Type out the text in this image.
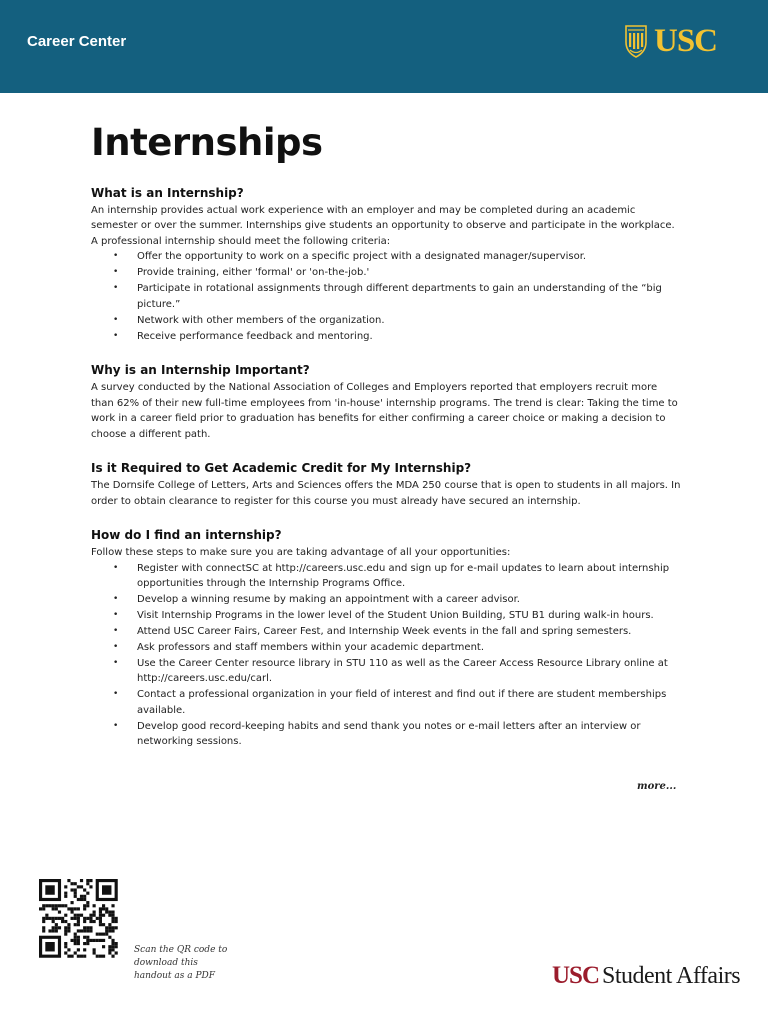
Career Center	USC
Internships
What is an Internship?

An internship provides actual work experience with an employer and may be completed during an academic semester or over the summer. Internships give students an opportunity to observe and participate in the workplace. A professional internship should meet the following criteria:

• Offer the opportunity to work on a specific project with a designated manager/supervisor.
• Provide training, either 'formal' or 'on-the-job.'
• Participate in rotational assignments through different departments to gain an understanding of the “big picture.”
• Network with other members of the organization.
• Receive performance feedback and mentoring.
Why is an Internship Important?

A survey conducted by the National Association of Colleges and Employers reported that employers recruit more than 62% of their new full-time employees from 'in-house' internship programs. The trend is clear: Taking the time to work in a career field prior to graduation has benefits for either confirming a career choice or making a decision to choose a different path.

Is it Required to Get Academic Credit for My Internship?

The Dornsife College of Letters, Arts and Sciences offers the MDA 250 course that is open to students in all majors. In order to obtain clearance to register for this course you must already have secured an internship.

How do I find an internship?

Follow these steps to make sure you are taking advantage of all your opportunities:

• Register with connectSC at http://careers.usc.edu and sign up for e-mail updates to learn about internship opportunities through the Internship Programs Office.
• Develop a winning resume by making an appointment with a career advisor.
• Visit Internship Programs in the lower level of the Student Union Building, STU B1 during walk-in hours.
• Attend USC Career Fairs, Career Fest, and Internship Week events in the fall and spring semesters.
• Ask professors and staff members within your academic department.
• Use the Career Center resource library in STU 110 as well as the Career Access Resource Library online at http://careers.usc.edu/carl.
• Contact a professional organization in your field of interest and find out if there are student memberships available.
• Develop good record-keeping habits and send thank you notes or e-mail letters after an interview or networking sessions.
more...
Scan the QR code to download this handout as a PDF	USC Student Affairs
